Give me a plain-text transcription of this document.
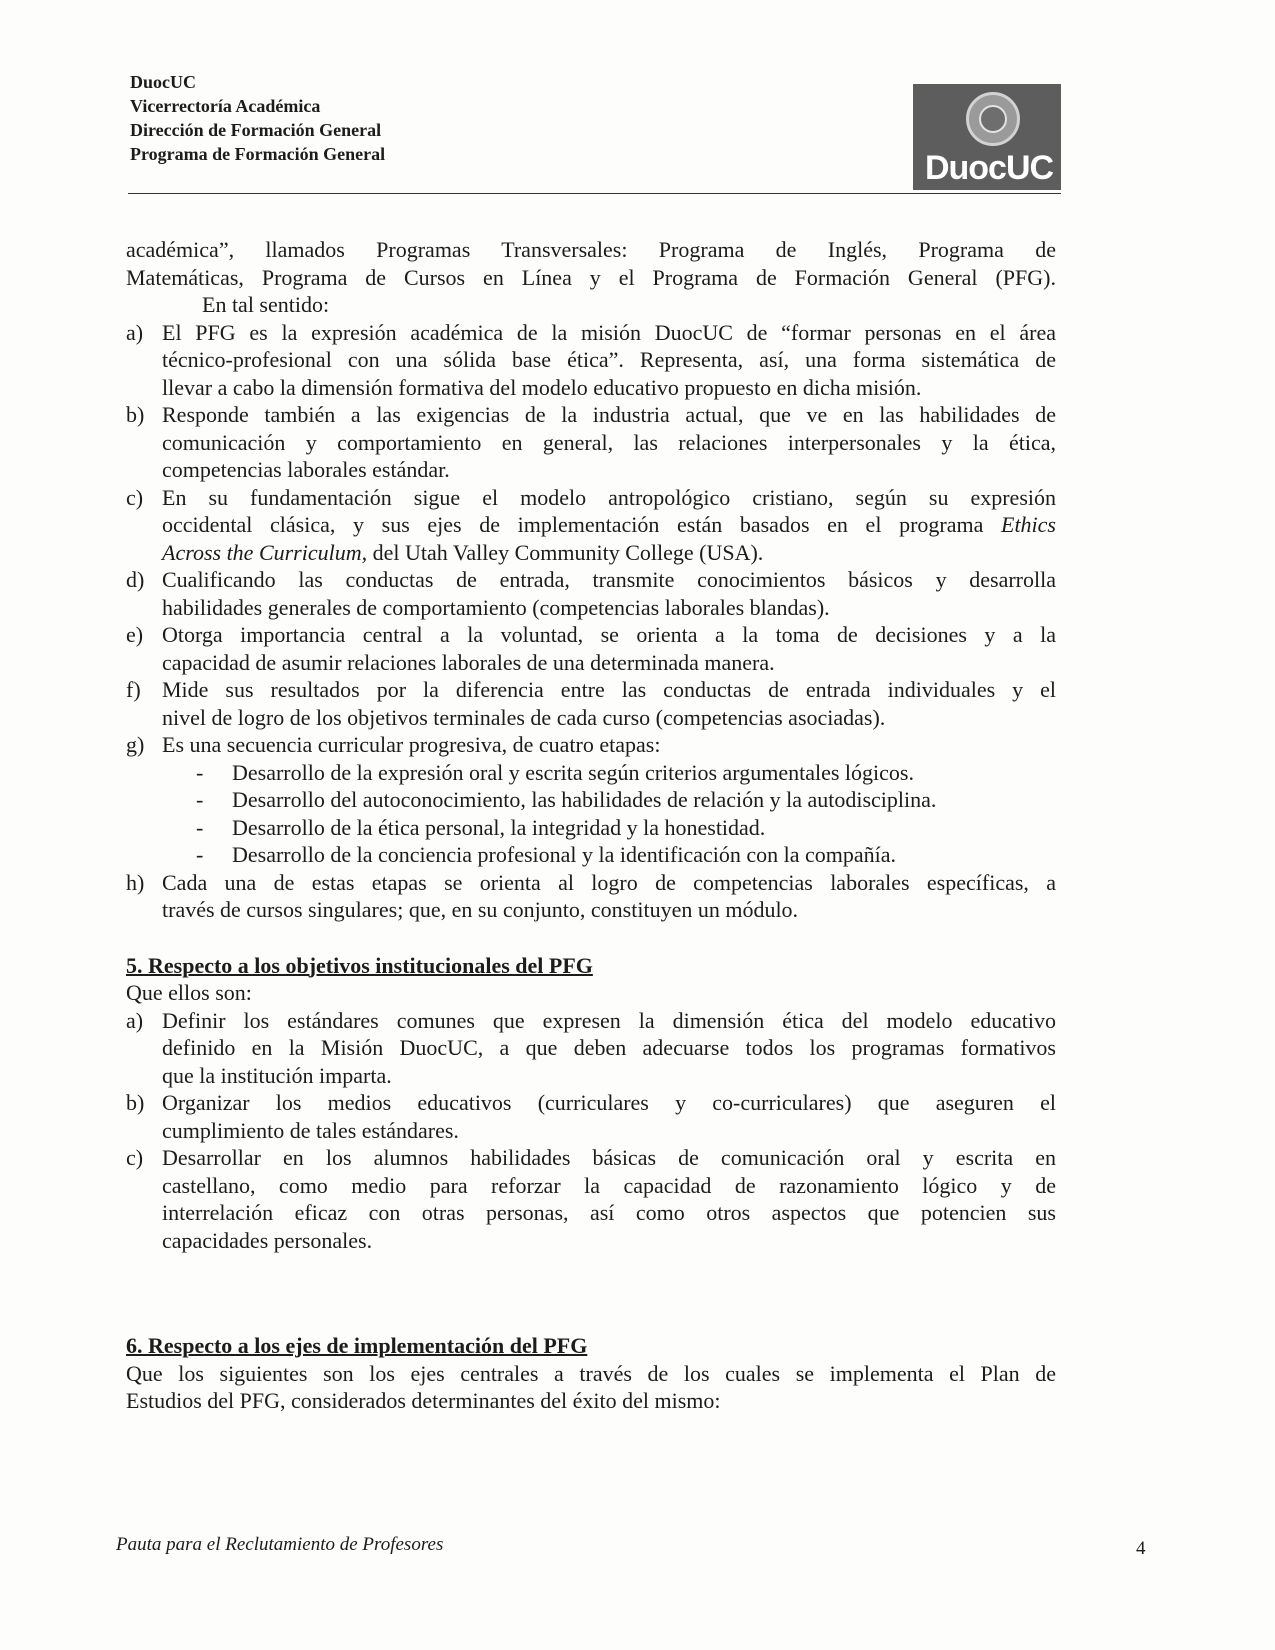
DuocUC
Vicerrectoría Académica
Dirección de Formación General
Programa de Formación General	DuocUC
académica”, llamados Programas Transversales: Programa de Inglés, Programa de
Matemáticas, Programa de Cursos en Línea y el Programa de Formación General (PFG).
En tal sentido:
a) El PFG es la expresión académica de la misión DuocUC de “formar personas en el área
técnico-profesional con una sólida base ética”. Representa, así, una forma sistemática de
llevar a cabo la dimensión formativa del modelo educativo propuesto en dicha misión.
b) Responde también a las exigencias de la industria actual, que ve en las habilidades de
comunicación y comportamiento en general, las relaciones interpersonales y la ética,
competencias laborales estándar.
c) En su fundamentación sigue el modelo antropológico cristiano, según su expresión
occidental clásica, y sus ejes de implementación están basados en el programa Ethics
Across the Curriculum, del Utah Valley Community College (USA).
d) Cualificando las conductas de entrada, transmite conocimientos básicos y desarrolla
habilidades generales de comportamiento (competencias laborales blandas).
e) Otorga importancia central a la voluntad, se orienta a la toma de decisiones y a la
capacidad de asumir relaciones laborales de una determinada manera.
f) Mide sus resultados por la diferencia entre las conductas de entrada individuales y el
nivel de logro de los objetivos terminales de cada curso (competencias asociadas).
g) Es una secuencia curricular progresiva, de cuatro etapas:
- Desarrollo de la expresión oral y escrita según criterios argumentales lógicos.
- Desarrollo del autoconocimiento, las habilidades de relación y la autodisciplina.
- Desarrollo de la ética personal, la integridad y la honestidad.
- Desarrollo de la conciencia profesional y la identificación con la compañía.
h) Cada una de estas etapas se orienta al logro de competencias laborales específicas, a
través de cursos singulares; que, en su conjunto, constituyen un módulo.
5. Respecto a los objetivos institucionales del PFG
Que ellos son:
a) Definir los estándares comunes que expresen la dimensión ética del modelo educativo
definido en la Misión DuocUC, a que deben adecuarse todos los programas formativos
que la institución imparta.
b) Organizar los medios educativos (curriculares y co-curriculares) que aseguren el
cumplimiento de tales estándares.
c) Desarrollar en los alumnos habilidades básicas de comunicación oral y escrita en
castellano, como medio para reforzar la capacidad de razonamiento lógico y de
interrelación eficaz con otras personas, así como otros aspectos que potencien sus
capacidades personales.
6. Respecto a los ejes de implementación del PFG
Que los siguientes son los ejes centrales a través de los cuales se implementa el Plan de
Estudios del PFG, considerados determinantes del éxito del mismo:
Pauta para el Reclutamiento de Profesores	4
